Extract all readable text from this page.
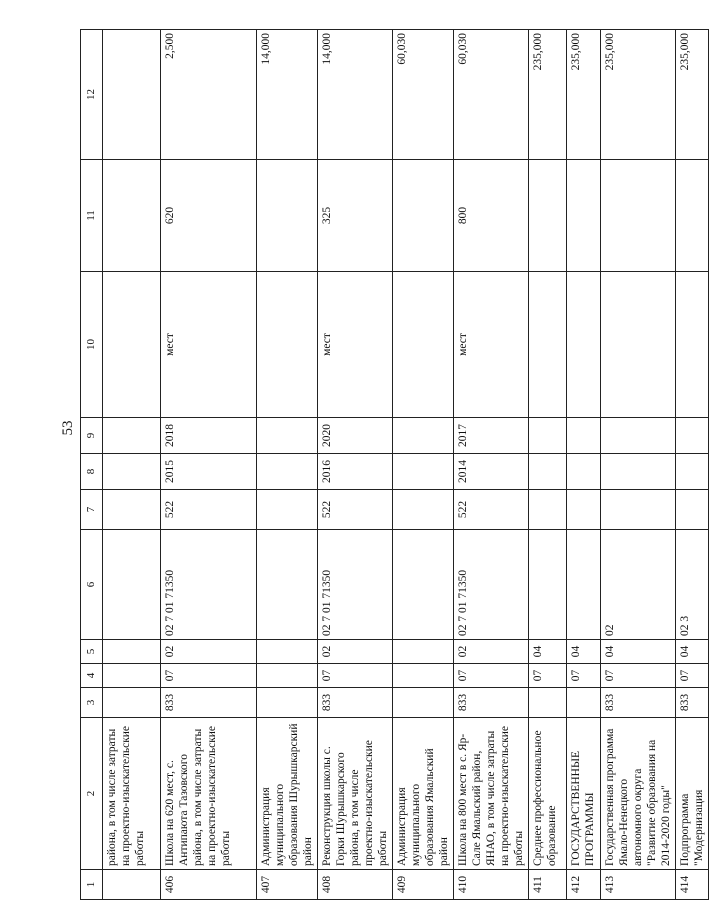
53
1	2	3	4	5	6	7	8	9	10	11	12
	района, в том числе затраты на проектно-изыскательские работы										
406	Школа на 620 мест, с. Антипаюта Тазовского района, в том числе затраты на проектно-изыскательские работы	833	07	02	02 7 01 71350	522	2015	2018	мест	620	2,500
407	Администрация муниципального образования Шурышкарский район										14,000
408	Реконструкция школы с. Горки Шурышкарского района, в том числе проектно-изыскательские работы	833	07	02	02 7 01 71350	522	2016	2020	мест	325	14,000
409	Администрация муниципального образования Ямальский район										60,030
410	Школа на 800 мест в с. Яр-Сале Ямальский район, ЯНАО, в том числе затраты на проектно-изыскательские работы	833	07	02	02 7 01 71350	522	2014	2017	мест	800	60,030
411	Среднее профессиональное образование		07	04							235,000
412	ГОСУДАРСТВЕННЫЕ ПРОГРАММЫ		07	04							235,000
413	Государственная программа Ямало-Ненецкого автономного округа "Развитие образования на 2014-2020 годы"	833	07	04	02						235,000
414	Подпрограмма "Модернизация	833	07	04	02 3						235,000
